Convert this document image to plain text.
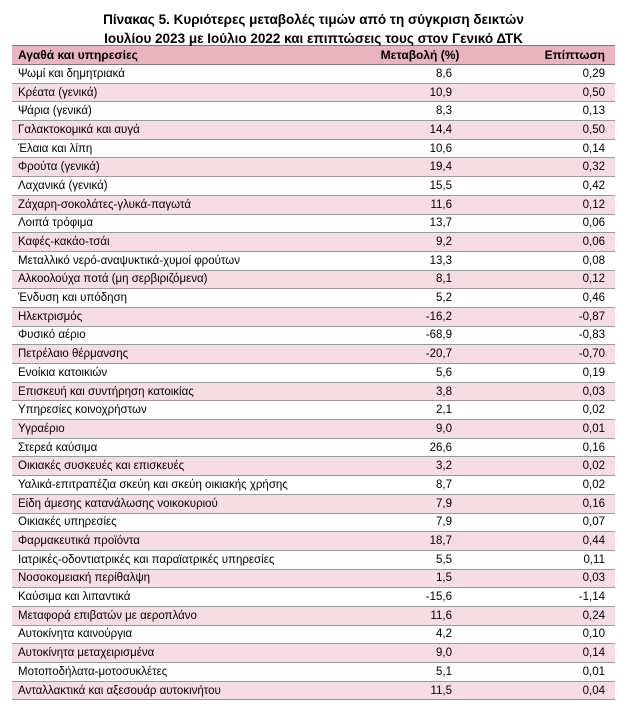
Πίνακας 5. Κυριότερες μεταβολές τιμών από τη σύγκριση δεικτών
Ιουλίου 2023 με Ιούλιο 2022 και επιπτώσεις τους στον Γενικό ΔΤΚ
Αγαθά και υπηρεσίες	Μεταβολή (%)	Επίπτωση
Ψωμί και δημητριακά	8,6	0,29
Κρέατα (γενικά)	10,9	0,50
Ψάρια (γενικά)	8,3	0,13
Γαλακτοκομικά και αυγά	14,4	0,50
Έλαια και λίπη	10,6	0,14
Φρούτα (γενικά)	19,4	0,32
Λαχανικά (γενικά)	15,5	0,42
Ζάχαρη-σοκολάτες-γλυκά-παγωτά	11,6	0,12
Λοιπά τρόφιμα	13,7	0,06
Καφές-κακάο-τσάι	9,2	0,06
Μεταλλικό νερό-αναψυκτικά-χυμοί φρούτων	13,3	0,08
Αλκοολούχα ποτά (μη σερβιριζόμενα)	8,1	0,12
Ένδυση και υπόδηση	5,2	0,46
Ηλεκτρισμός	-16,2	-0,87
Φυσικό αέριο	-68,9	-0,83
Πετρέλαιο θέρμανσης	-20,7	-0,70
Ενοίκια κατοικιών	5,6	0,19
Επισκευή και συντήρηση κατοικίας	3,8	0,03
Υπηρεσίες κοινοχρήστων	2,1	0,02
Υγραέριο	9,0	0,01
Στερεά καύσιμα	26,6	0,16
Οικιακές συσκευές και επισκευές	3,2	0,02
Υαλικά-επιτραπέζια σκεύη και σκεύη οικιακής χρήσης	8,7	0,02
Είδη άμεσης κατανάλωσης νοικοκυριού	7,9	0,16
Οικιακές υπηρεσίες	7,9	0,07
Φαρμακευτικά προϊόντα	18,7	0,44
Ιατρικές-οδοντιατρικές και παραϊατρικές υπηρεσίες	5,5	0,11
Νοσοκομειακή περίθαλψη	1,5	0,03
Καύσιμα και λιπαντικά	-15,6	-1,14
Μεταφορά επιβατών με αεροπλάνο	11,6	0,24
Αυτοκίνητα καινούργια	4,2	0,10
Αυτοκίνητα μεταχειρισμένα	9,0	0,14
Μοτοποδήλατα-μοτοσυκλέτες	5,1	0,01
Ανταλλακτικά και αξεσουάρ αυτοκινήτου	11,5	0,04
